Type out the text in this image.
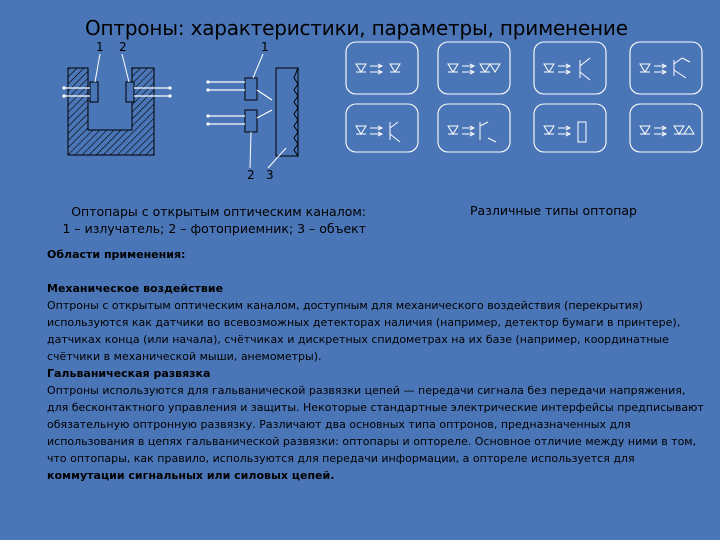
Оптроны: характеристики, параметры, применение
1 2	1
2 3
Оптопары с открытым оптическим каналом:
1 – излучатель; 2 – фотоприемник; 3 – объект
Различные типы оптопар

Области применения:

Механическое воздействие

Оптроны с открытым оптическим каналом, доступным для механического воздействия (перекрытия)

используются как датчики во всевозможных детекторах наличия (например, детектор бумаги в принтере),

датчиках конца (или начала), счётчиках и дискретных спидометрах на их базе (например, координатные

счётчики в механической мыши, анемометры).

Гальваническая развязка

Оптроны используются для гальванической развязки цепей — передачи сигнала без передачи напряжения,

для бесконтактного управления и защиты. Некоторые стандартные электрические интерфейсы предписывают

обязательную оптронную развязку. Различают два основных типа оптронов, предназначенных для

использования в цепях гальванической развязки: оптопары и оптореле. Основное отличие между ними в том,

что оптопары, как правило, используются для передачи информации, а оптореле используется для

коммутации сигнальных или силовых цепей.
